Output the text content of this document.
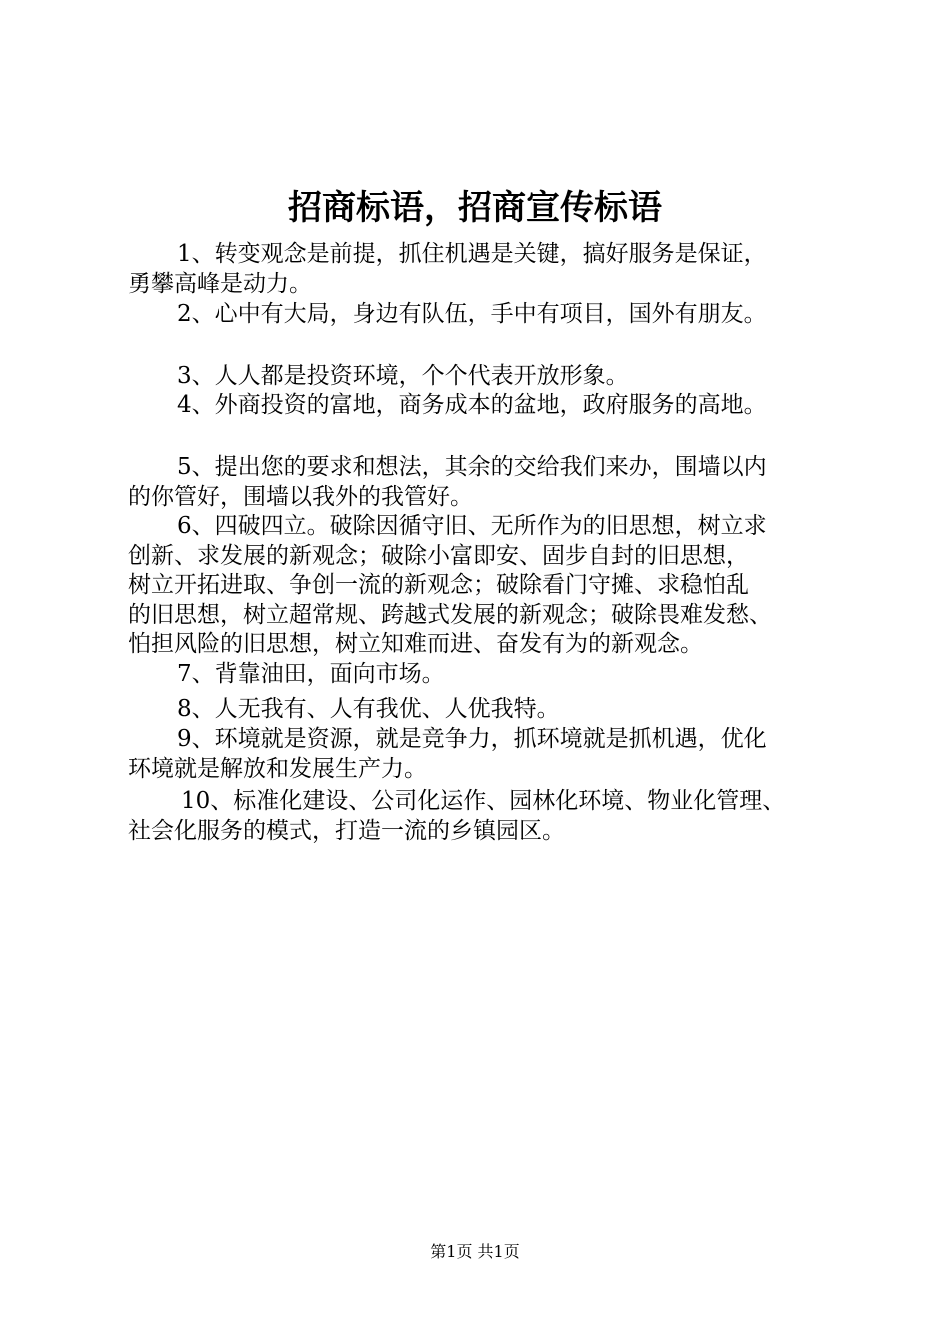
招商标语，招商宣传标语

1、转变观念是前提，抓住机遇是关键，搞好服务是保证，
勇攀高峰是动力。

2、心中有大局，身边有队伍，手中有项目，国外有朋友。

3、人人都是投资环境，个个代表开放形象。

4、外商投资的富地，商务成本的盆地，政府服务的高地。

5、提出您的要求和想法，其余的交给我们来办，围墙以内
的你管好，围墙以我外的我管好。

6、四破四立。破除因循守旧、无所作为的旧思想，树立求
创新、求发展的新观念；破除小富即安、固步自封的旧思想，
树立开拓进取、争创一流的新观念；破除看门守摊、求稳怕乱
的旧思想，树立超常规、跨越式发展的新观念；破除畏难发愁、
怕担风险的旧思想，树立知难而进、奋发有为的新观念。

7、背靠油田，面向市场。

8、人无我有、人有我优、人优我特。

9、环境就是资源，就是竞争力，抓环境就是抓机遇，优化
环境就是解放和发展生产力。

10、标准化建设、公司化运作、园林化环境、物业化管理、
社会化服务的模式，打造一流的乡镇园区。

第1页 共1页
